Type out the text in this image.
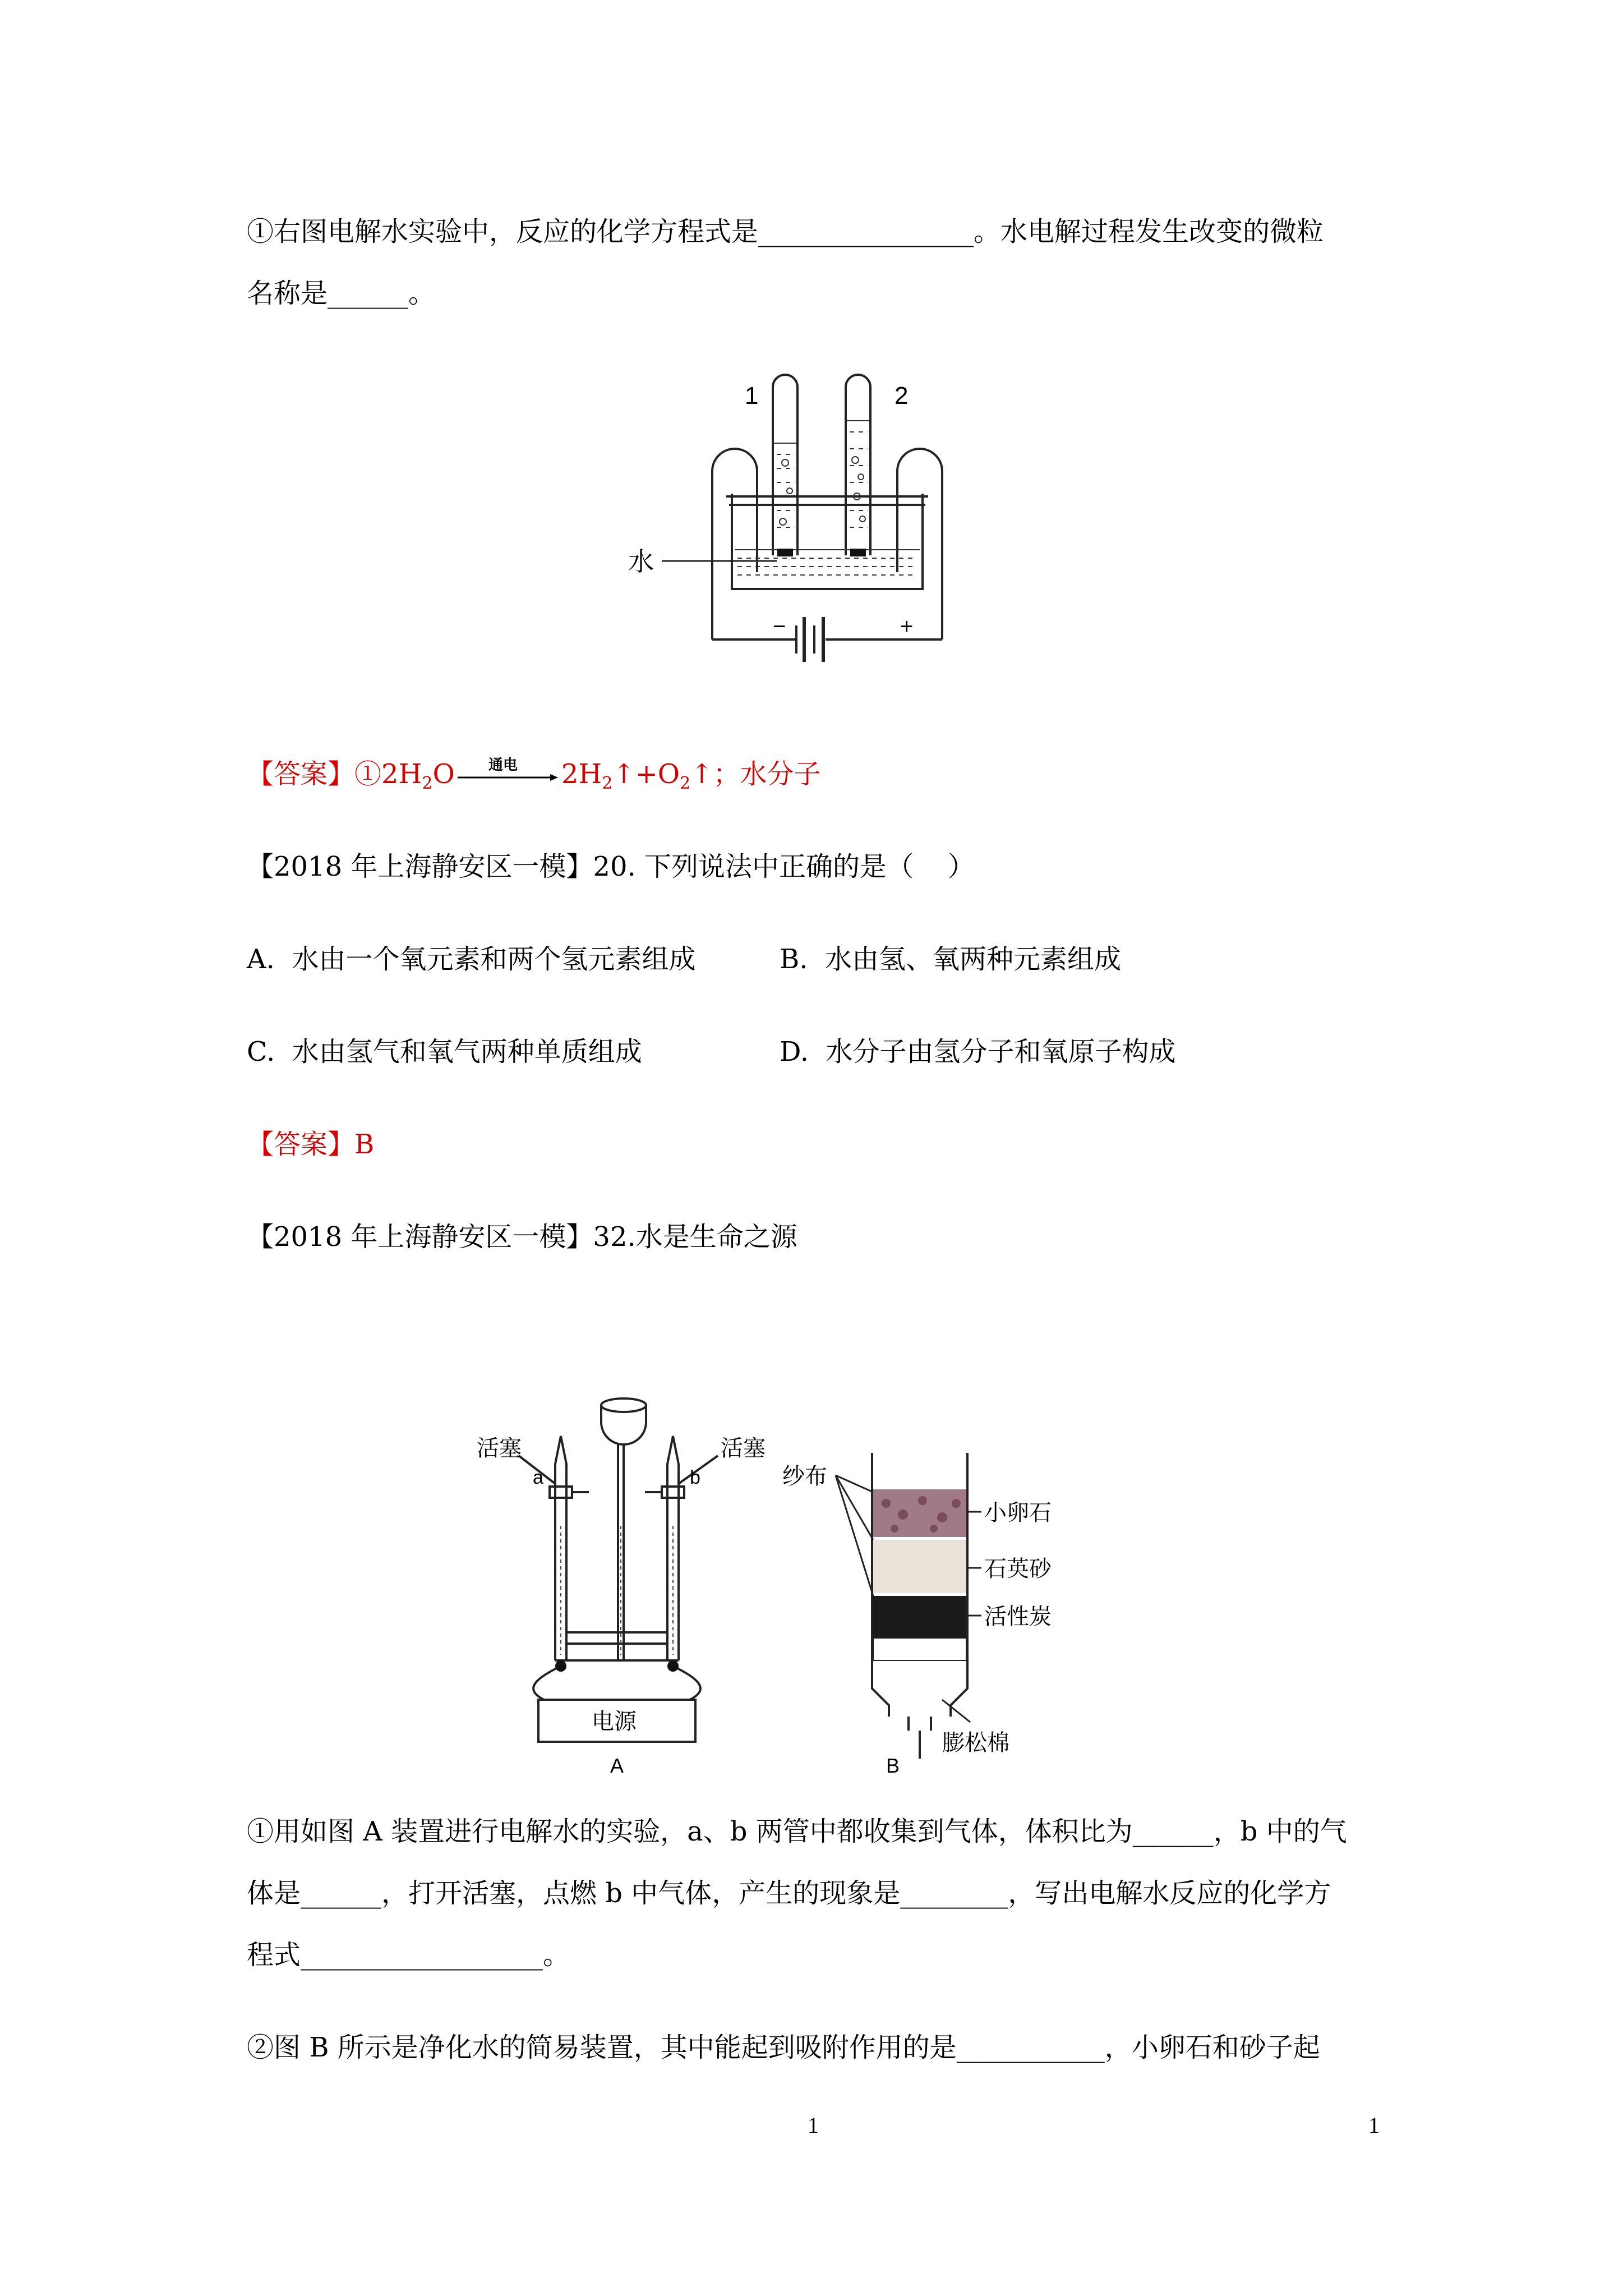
①右图电解水实验中，反应的化学方程式是________________。水电解过程发生改变的微粒
名称是______。
1	2
水
−	+
【答案】$①2H_2O$ 通电 $2H_2↑+O_2↑$；水分子
【2018 年上海静安区一模】20. 下列说法中正确的是（    ）
A.  水由一个氧元素和两个氢元素组成	B.  水由氢、氧两种元素组成
C.  水由氢气和氧气两种单质组成	D.  水分子由氢分子和氧原子构成
【答案】B
【2018 年上海静安区一模】32.水是生命之源
活塞	活塞
a	b
电源
A
纱布
小卵石
石英砂
活性炭
膨松棉
B
①用如图 A 装置进行电解水的实验，a、b 两管中都收集到气体，体积比为______，b 中的气
体是______，打开活塞，点燃 b 中气体，产生的现象是________，写出电解水反应的化学方
程式__________________。
②图 B 所示是净化水的简易装置，其中能起到吸附作用的是___________，小卵石和砂子起
1	1
